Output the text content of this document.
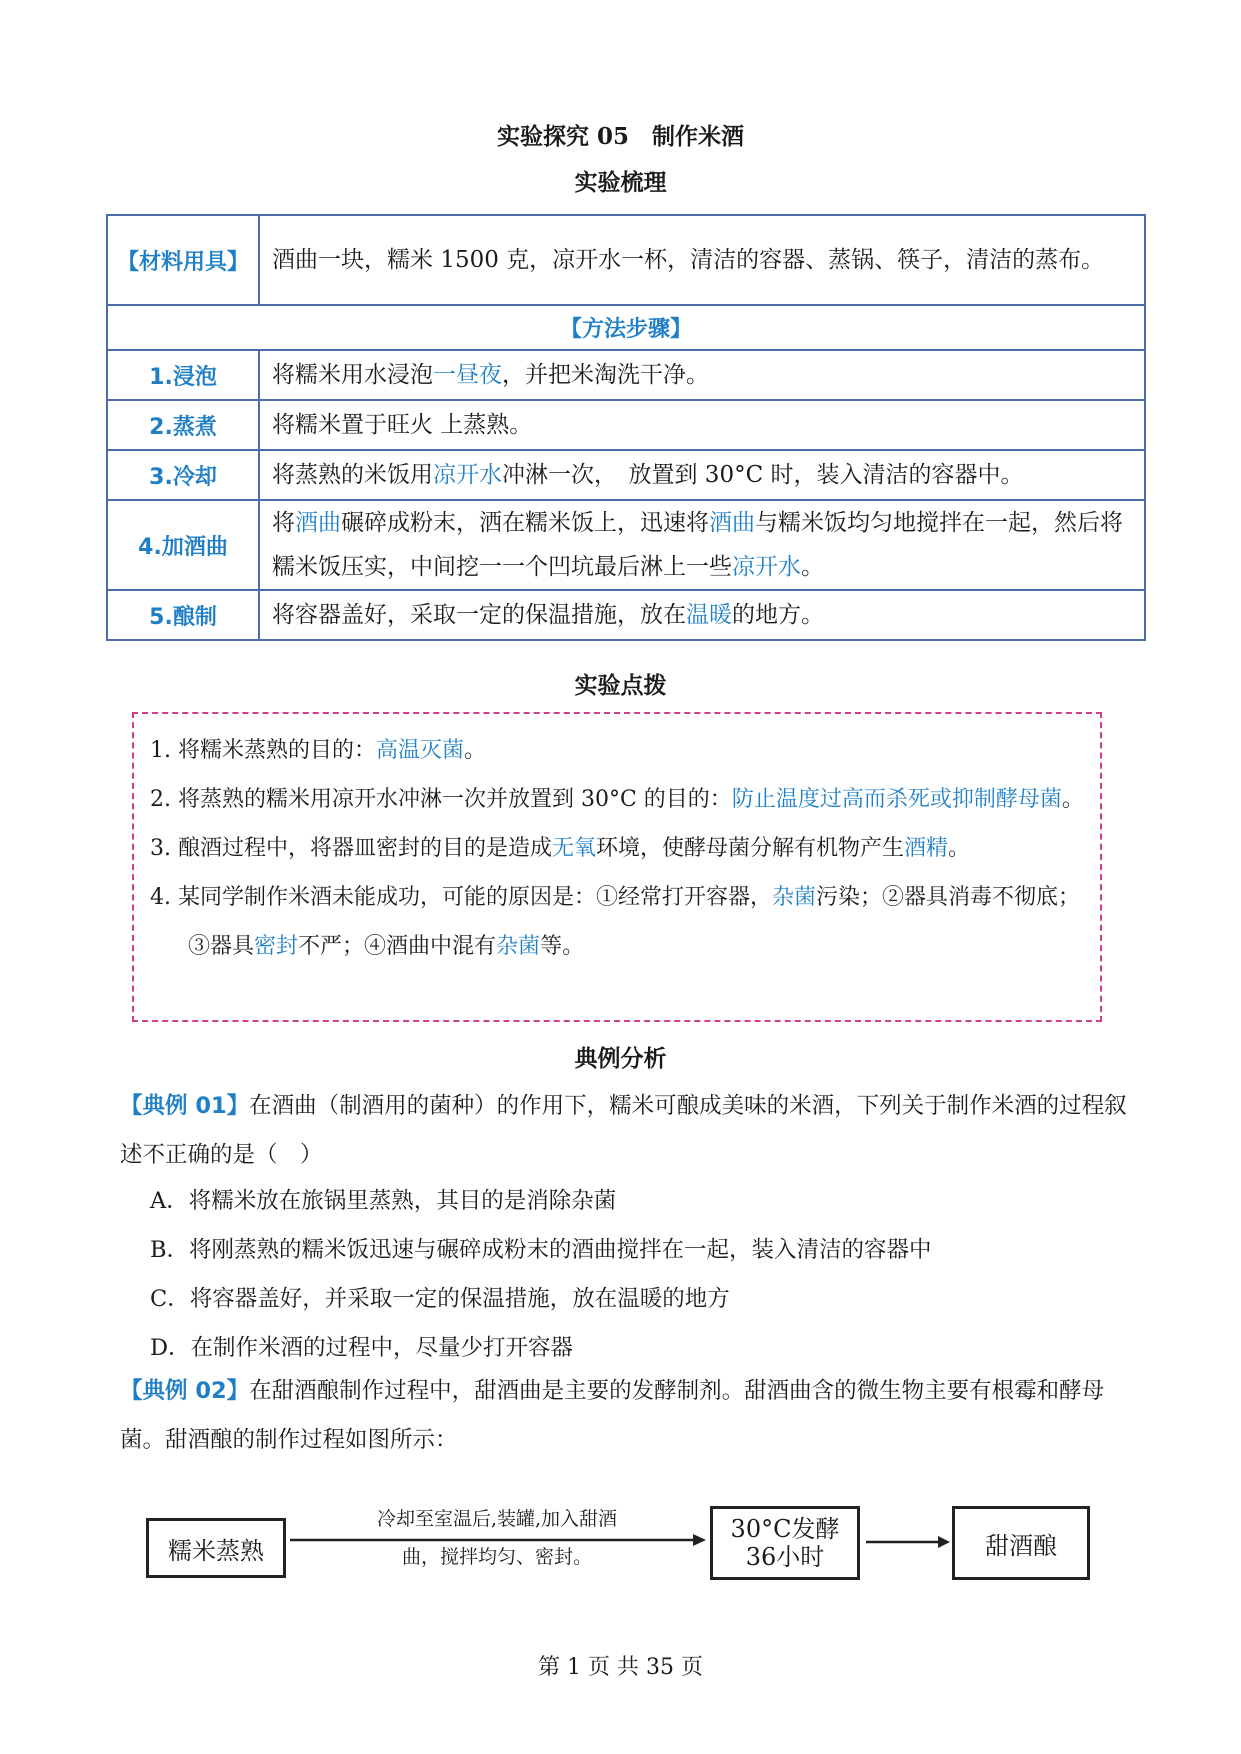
实验探究 05　制作米酒
实验梳理
【材料用具】	酒曲一块，糯米 1500 克，凉开水一杯，清洁的容器、蒸锅、筷子，清洁的蒸布。
【方法步骤】	
1.浸泡	将糯米用水浸泡一昼夜，并把米淘洗干净。
2.蒸煮	将糯米置于旺火 上蒸熟。
3.冷却	将蒸熟的米饭用凉开水冲淋一次，　放置到 30°C 时，装入清洁的容器中。
4.加酒曲	将酒曲碾碎成粉末，洒在糯米饭上，迅速将酒曲与糯米饭均匀地搅拌在一起，然后将糯米饭压实，中间挖一一个凹坑最后淋上一些凉开水。
5.酿制	将容器盖好，采取一定的保温措施，放在温暖的地方。
实验点拨
1. 将糯米蒸熟的目的：高温灭菌。
2. 将蒸熟的糯米用凉开水冲淋一次并放置到 30°C 的目的：防止温度过高而杀死或抑制酵母菌。
3. 酿酒过程中，将器皿密封的目的是造成无氧环境，使酵母菌分解有机物产生酒精。
4. 某同学制作米酒未能成功，可能的原因是：①经常打开容器，杂菌污染；②器具消毒不彻底；③器具密封不严；④酒曲中混有杂菌等。
典例分析
【典例 01】在酒曲（制酒用的菌种）的作用下，糯米可酿成美味的米酒，下列关于制作米酒的过程叙述不正确的是（　）
A．将糯米放在旅锅里蒸熟，其目的是消除杂菌
B．将刚蒸熟的糯米饭迅速与碾碎成粉末的酒曲搅拌在一起，装入清洁的容器中
C．将容器盖好，并采取一定的保温措施，放在温暖的地方
D．在制作米酒的过程中，尽量少打开容器
【典例 02】在甜酒酿制作过程中，甜酒曲是主要的发酵制剂。甜酒曲含的微生物主要有根霉和酵母菌。甜酒酿的制作过程如图所示：
糯米蒸熟
冷却至室温后,装罐,加入甜酒
曲，搅拌均匀、密封。
30°C发酵
36小时	甜酒酿
第 1 页 共 35 页
